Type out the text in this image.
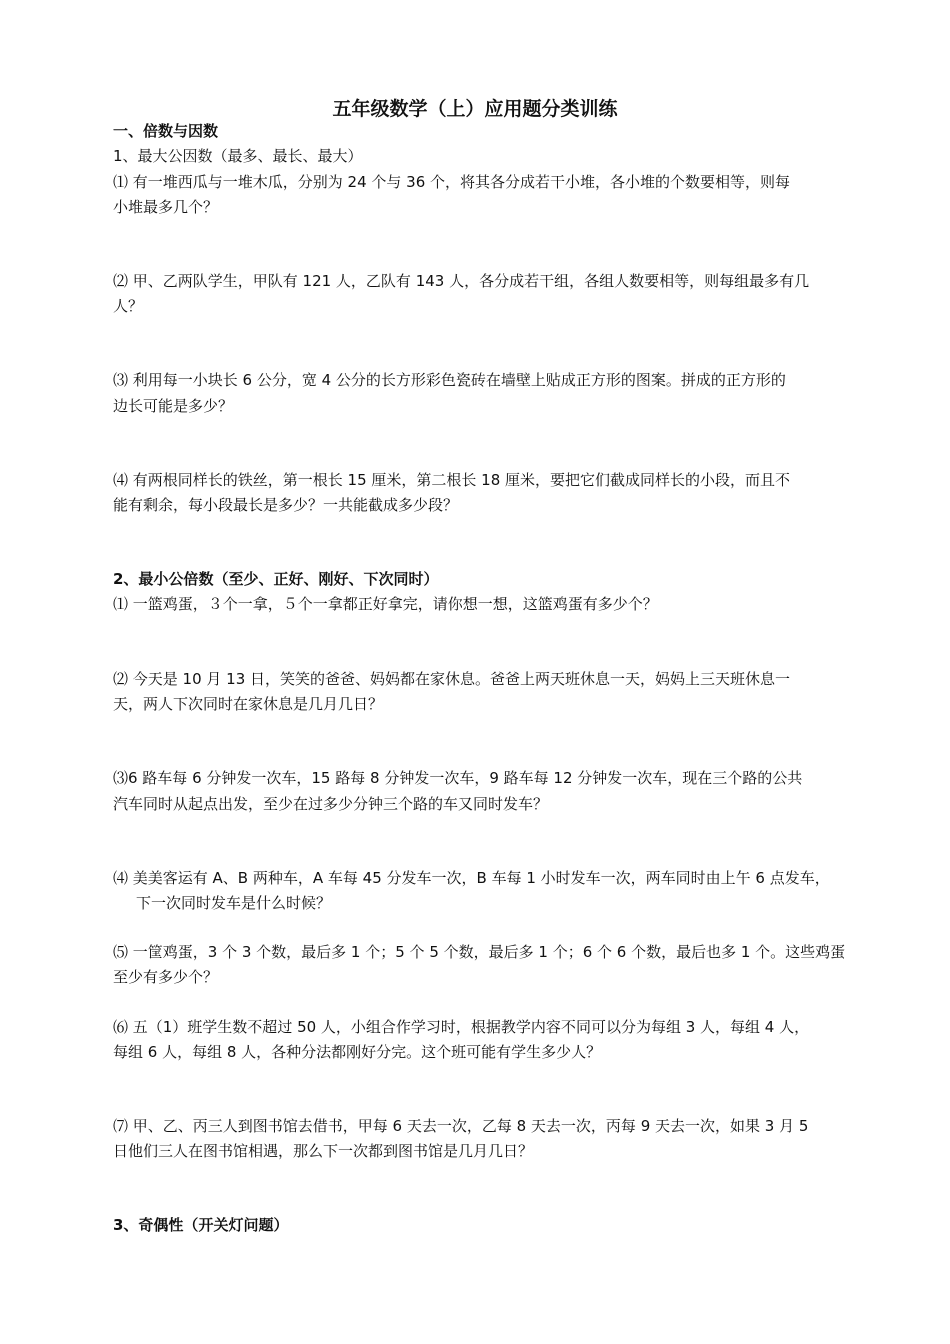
五年级数学（上）应用题分类训练
一、倍数与因数
1、最大公因数（最多、最长、最大）
⑴ 有一堆西瓜与一堆木瓜，分别为 24 个与 36 个，将其各分成若干小堆，各小堆的个数要相等，则每
小堆最多几个？
⑵ 甲、乙两队学生，甲队有 121 人，乙队有 143 人，各分成若干组，各组人数要相等，则每组最多有几
人？
⑶ 利用每一小块长 6 公分，宽 4 公分的长方形彩色瓷砖在墙壁上贴成正方形的图案。拼成的正方形的
边长可能是多少？
⑷ 有两根同样长的铁丝，第一根长 15 厘米，第二根长 18 厘米，要把它们截成同样长的小段，而且不
能有剩余，每小段最长是多少？一共能截成多少段？
2、最小公倍数（至少、正好、刚好、下次同时）
⑴ 一篮鸡蛋，３个一拿，５个一拿都正好拿完，请你想一想，这篮鸡蛋有多少个？
⑵ 今天是 10 月 13 日，笑笑的爸爸、妈妈都在家休息。爸爸上两天班休息一天，妈妈上三天班休息一
天，两人下次同时在家休息是几月几日？
⑶6 路车每 6 分钟发一次车，15 路每 8 分钟发一次车，9 路车每 12 分钟发一次车，现在三个路的公共
汽车同时从起点出发，至少在过多少分钟三个路的车又同时发车？
⑷ 美美客运有 A、B 两种车，A 车每 45 分发车一次，B 车每 1 小时发车一次，两车同时由上午 6 点发车，
下一次同时发车是什么时候？
⑸ 一筐鸡蛋，3 个 3 个数，最后多 1 个；5 个 5 个数，最后多 1 个；6 个 6 个数，最后也多 1 个。这些鸡蛋
至少有多少个？
⑹ 五（1）班学生数不超过 50 人，小组合作学习时，根据教学内容不同可以分为每组 3 人，每组 4 人，
每组 6 人，每组 8 人，各种分法都刚好分完。这个班可能有学生多少人？
⑺ 甲、乙、丙三人到图书馆去借书，甲每 6 天去一次，乙每 8 天去一次，丙每 9 天去一次，如果 3 月 5
日他们三人在图书馆相遇，那么下一次都到图书馆是几月几日？
3、奇偶性（开关灯问题）
